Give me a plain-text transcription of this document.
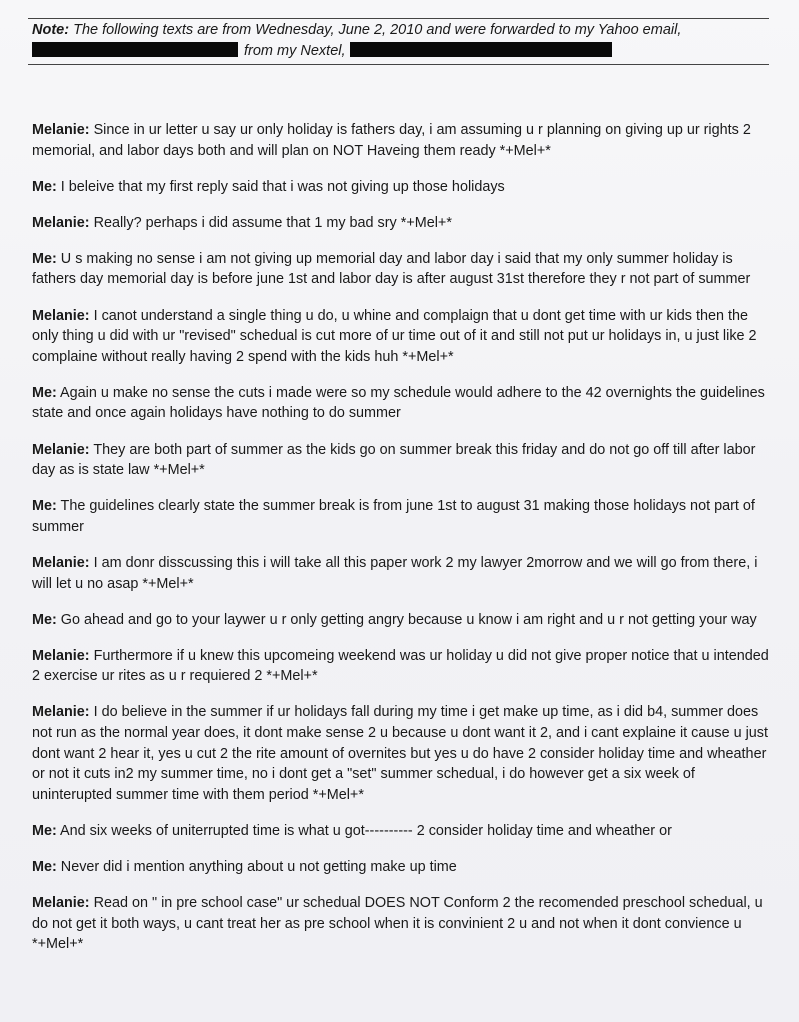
Note: The following texts are from Wednesday, June 2, 2010 and were forwarded to my Yahoo email,
from my Nextel,

Melanie: Since in ur letter u say ur only holiday is fathers day, i am assuming u r planning on giving up ur rights 2 memorial, and labor days both and will plan on NOT Haveing them ready *+Mel+*

Me: I beleive that my first reply said that i was not giving up those holidays

Melanie: Really? perhaps i did assume that 1 my bad sry *+Mel+*

Me: U s making no sense i am not giving up memorial day and labor day i said that my only summer holiday is fathers day memorial day is before june 1st and labor day is after august 31st therefore they r not part of summer

Melanie: I canot understand a single thing u do, u whine and complaign that u dont get time with ur kids then the only thing u did with ur "revised" schedual is cut more of ur time out of it and still not put ur holidays in, u just like 2 complaine without really having 2 spend with the kids huh *+Mel+*

Me: Again u make no sense the cuts i made were so my schedule would adhere to the 42 overnights the guidelines state and once again holidays have nothing to do summer

Melanie: They are both part of summer as the kids go on summer break this friday and do not go off till after labor day as is state law *+Mel+*

Me: The guidelines clearly state the summer break is from june 1st to august 31 making those holidays not part of summer

Melanie: I am donr disscussing this i will take all this paper work 2 my lawyer 2morrow and we will go from there, i will let u no asap *+Mel+*

Me: Go ahead and go to your laywer u r only getting angry because u know i am right and u r not getting your way

Melanie: Furthermore if u knew this upcomeing weekend was ur holiday u did not give proper notice that u intended 2 exercise ur rites as u r requiered 2 *+Mel+*

Melanie: I do believe in the summer if ur holidays fall during my time i get make up time, as i did b4, summer does not run as the normal year does, it dont make sense 2 u because u dont want it 2, and i cant explaine it cause u just dont want 2 hear it, yes u cut 2 the rite amount of overnites but yes u do have 2 consider holiday time and wheather or not it cuts in2 my summer time, no i dont get a "set" summer schedual, i do however get a six week of uninterupted summer time with them period *+Mel+*

Me: And six weeks of uniterrupted time is what u got---------- 2 consider holiday time and wheather or

Me: Never did i mention anything about u not getting make up time

Melanie: Read on " in pre school case" ur schedual DOES NOT Conform 2 the recomended preschool schedual, u do not get it both ways, u cant treat her as pre school when it is convinient 2 u and not when it dont convience u *+Mel+*
